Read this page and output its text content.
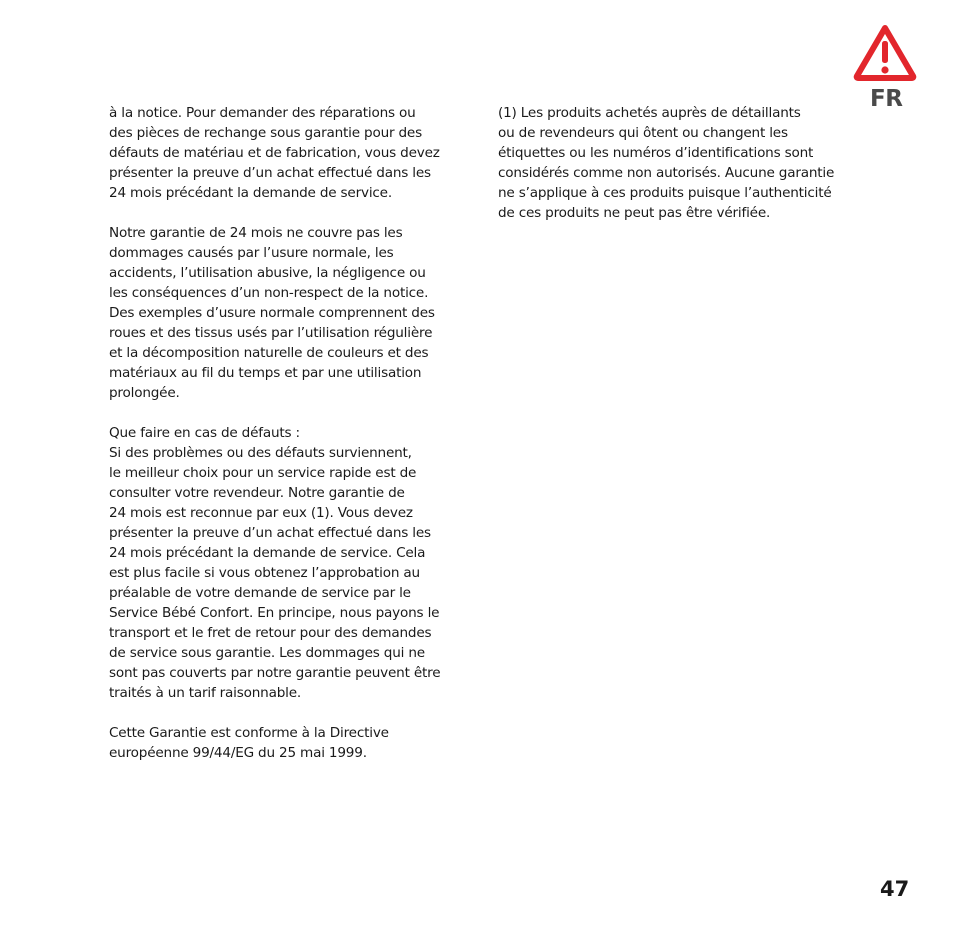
FR
à la notice. Pour demander des réparations ou
des pièces de rechange sous garantie pour des
défauts de matériau et de fabrication, vous devez
présenter la preuve d’un achat effectué dans les
24 mois précédant la demande de service.
Notre garantie de 24 mois ne couvre pas les
dommages causés par l’usure normale, les
accidents, l’utilisation abusive, la négligence ou
les conséquences d’un non-respect de la notice.
Des exemples d’usure normale comprennent des
roues et des tissus usés par l’utilisation régulière
et la décomposition naturelle de couleurs et des
matériaux au fil du temps et par une utilisation
prolongée.
Que faire en cas de défauts :
Si des problèmes ou des défauts surviennent,
le meilleur choix pour un service rapide est de
consulter votre revendeur. Notre garantie de
24 mois est reconnue par eux (1). Vous devez
présenter la preuve d’un achat effectué dans les
24 mois précédant la demande de service. Cela
est plus facile si vous obtenez l’approbation au
préalable de votre demande de service par le
Service Bébé Confort. En principe, nous payons le
transport et le fret de retour pour des demandes
de service sous garantie. Les dommages qui ne
sont pas couverts par notre garantie peuvent être
traités à un tarif raisonnable.
Cette Garantie est conforme à la Directive
européenne 99/44/EG du 25 mai 1999.
(1) Les produits achetés auprès de détaillants
ou de revendeurs qui ôtent ou changent les
étiquettes ou les numéros d’identifications sont
considérés comme non autorisés. Aucune garantie
ne s’applique à ces produits puisque l’authenticité
de ces produits ne peut pas être vérifiée.
47
